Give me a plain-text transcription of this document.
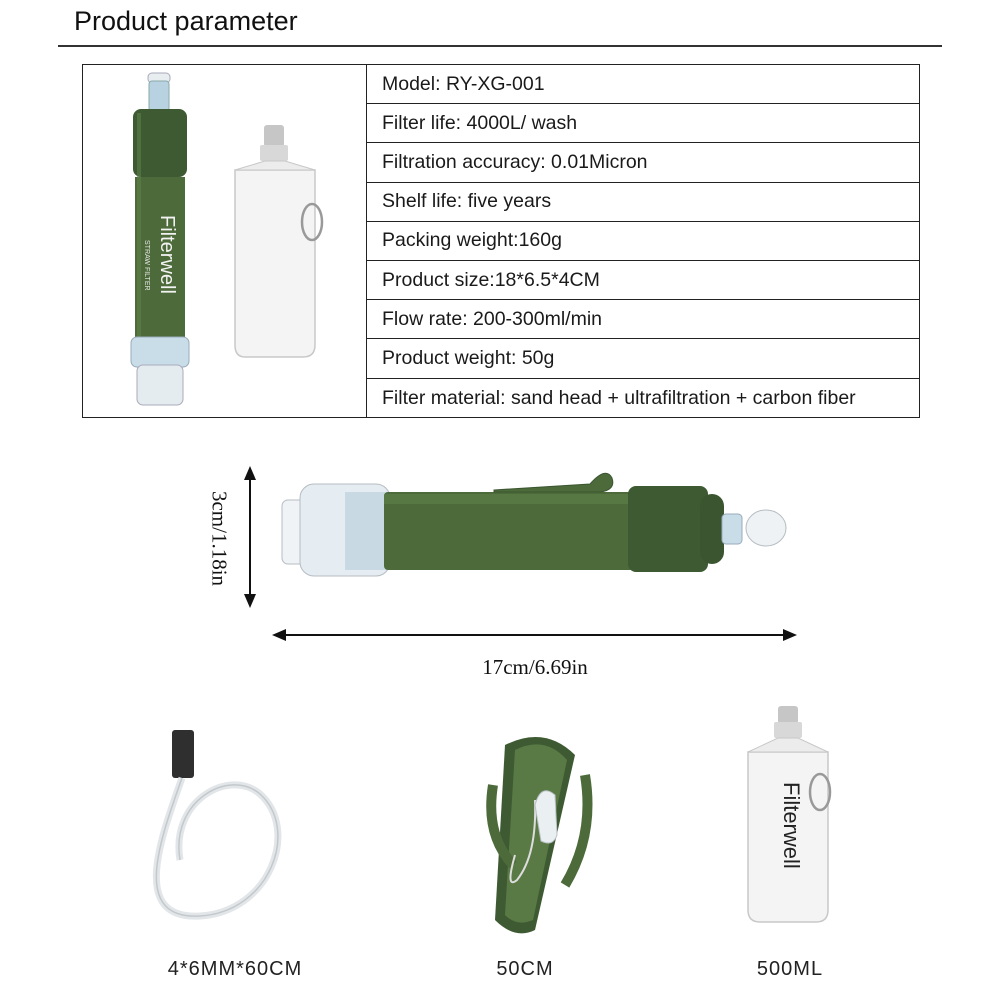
Product parameter
Filterwell
STRAW FILTER
Model: RY-XG-001
Filter life: 4000L/ wash
Filtration accuracy: 0.01Micron
Shelf life: five years
Packing weight:160g
Product size:18*6.5*4CM
Flow rate: 200-300ml/min
Product weight: 50g
Filter material: sand head + ultrafiltration + carbon fiber
3cm/1.18in
17cm/6.69in
Filterwell
4*6MM*60CM	50CM	500ML
